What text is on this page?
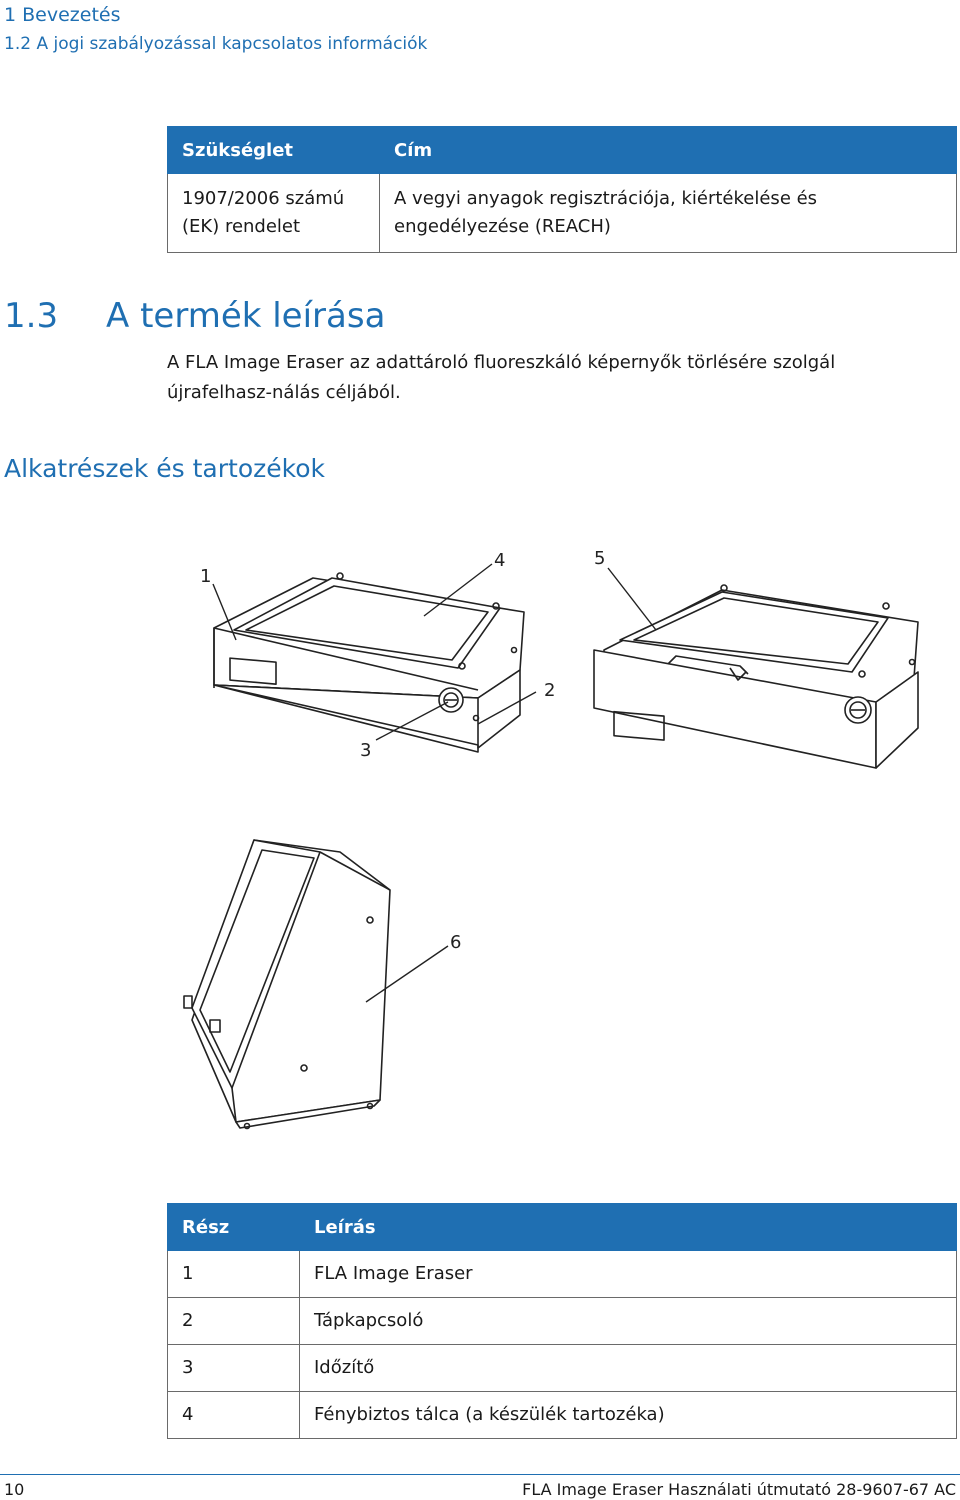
1 Bevezetés
1.2 A jogi szabályozással kapcsolatos információk
Szükséglet	Cím
1907/2006 számú (EK) rendelet	A vegyi anyagok regisztrációja, kiértékelése és engedélyezése (REACH)
1.3 A termék leírása
A FLA Image Eraser az adattároló fluoreszkáló képernyők törlésére szolgál újrafelhasz-nálás céljából.
Alkatrészek és tartozékok
1
4	5
2
3
6
Rész	Leírás
1	FLA Image Eraser
2	Tápkapcsoló
3	Időzítő
4	Fénybiztos tálca (a készülék tartozéka)
10	FLA Image Eraser Használati útmutató 28-9607-67 AC
